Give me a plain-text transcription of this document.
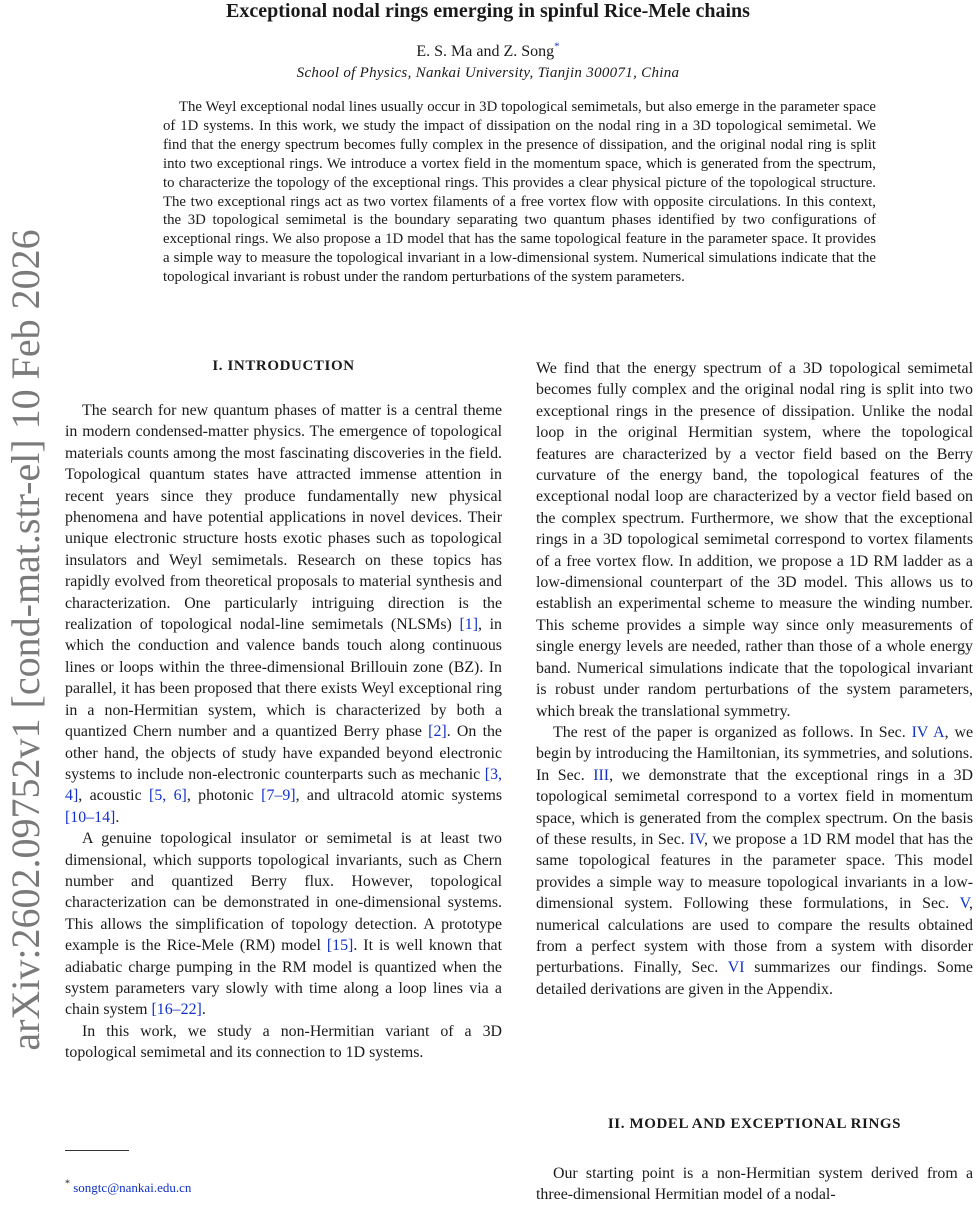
Exceptional nodal rings emerging in spinful Rice-Mele chains
E. S. Ma and Z. Song*
School of Physics, Nankai University, Tianjin 300071, China

The Weyl exceptional nodal lines usually occur in 3D topological semimetals, but also emerge in the parameter space of 1D systems. In this work, we study the impact of dissipation on the nodal ring in a 3D topological semimetal. We find that the energy spectrum becomes fully complex in the presence of dissipation, and the original nodal ring is split into two exceptional rings. We introduce a vortex field in the momentum space, which is generated from the spectrum, to characterize the topology of the exceptional rings. This provides a clear physical picture of the topological structure. The two exceptional rings act as two vortex filaments of a free vortex flow with opposite circulations. In this context, the 3D topological semimetal is the boundary separating two quantum phases identified by two configurations of exceptional rings. We also propose a 1D model that has the same topological feature in the parameter space. It provides a simple way to measure the topological invariant in a low-dimensional system. Numerical simulations indicate that the topological invariant is robust under the random perturbations of the system parameters.

arXiv:2602.09752v1 [cond-mat.str-el] 10 Feb 2026	I. INTRODUCTION

The search for new quantum phases of matter is a central theme in modern condensed-matter physics. The emergence of topological materials counts among the most fascinating discoveries in the field. Topological quantum states have attracted immense attention in recent years since they produce fundamentally new physical phenomena and have potential applications in novel devices. Their unique electronic structure hosts exotic phases such as topological insulators and Weyl semimetals. Research on these topics has rapidly evolved from theoretical proposals to material synthesis and characterization. One particularly intriguing direction is the realization of topological nodal-line semimetals (NLSMs) [1], in which the conduction and valence bands touch along continuous lines or loops within the three-dimensional Brillouin zone (BZ). In parallel, it has been proposed that there exists Weyl exceptional ring in a non-Hermitian system, which is characterized by both a quantized Chern number and a quantized Berry phase [2]. On the other hand, the objects of study have expanded beyond electronic systems to include non-electronic counterparts such as mechanic [3, 4], acoustic [5, 6], photonic [7–9], and ultracold atomic systems [10–14].

A genuine topological insulator or semimetal is at least two dimensional, which supports topological invariants, such as Chern number and quantized Berry flux. However, topological characterization can be demonstrated in one-dimensional systems. This allows the simplification of topology detection. A prototype example is the Rice-Mele (RM) model [15]. It is well known that adiabatic charge pumping in the RM model is quantized when the system parameters vary slowly with time along a loop lines via a chain system [16–22].

In this work, we study a non-Hermitian variant of a 3D topological semimetal and its connection to 1D systems.

We find that the energy spectrum of a 3D topological semimetal becomes fully complex and the original nodal ring is split into two exceptional rings in the presence of dissipation. Unlike the nodal loop in the original Hermitian system, where the topological features are characterized by a vector field based on the Berry curvature of the energy band, the topological features of the exceptional nodal loop are characterized by a vector field based on the complex spectrum. Furthermore, we show that the exceptional rings in a 3D topological semimetal correspond to vortex filaments of a free vortex flow. In addition, we propose a 1D RM ladder as a low-dimensional counterpart of the 3D model. This allows us to establish an experimental scheme to measure the winding number. This scheme provides a simple way since only measurements of single energy levels are needed, rather than those of a whole energy band. Numerical simulations indicate that the topological invariant is robust under random perturbations of the system parameters, which break the translational symmetry.

The rest of the paper is organized as follows. In Sec. IV A, we begin by introducing the Hamiltonian, its symmetries, and solutions. In Sec. III, we demonstrate that the exceptional rings in a 3D topological semimetal correspond to a vortex field in momentum space, which is generated from the complex spectrum. On the basis of these results, in Sec. IV, we propose a 1D RM model that has the same topological features in the parameter space. This model provides a simple way to measure topological invariants in a low-dimensional system. Following these formulations, in Sec. V, numerical calculations are used to compare the results obtained from a perfect system with those from a system with disorder perturbations. Finally, Sec. VI summarizes our findings. Some detailed derivations are given in the Appendix.

II. MODEL AND EXCEPTIONAL RINGS

Our starting point is a non-Hermitian system derived from a three-dimensional Hermitian model of a nodal-

* songtc@nankai.edu.cn
